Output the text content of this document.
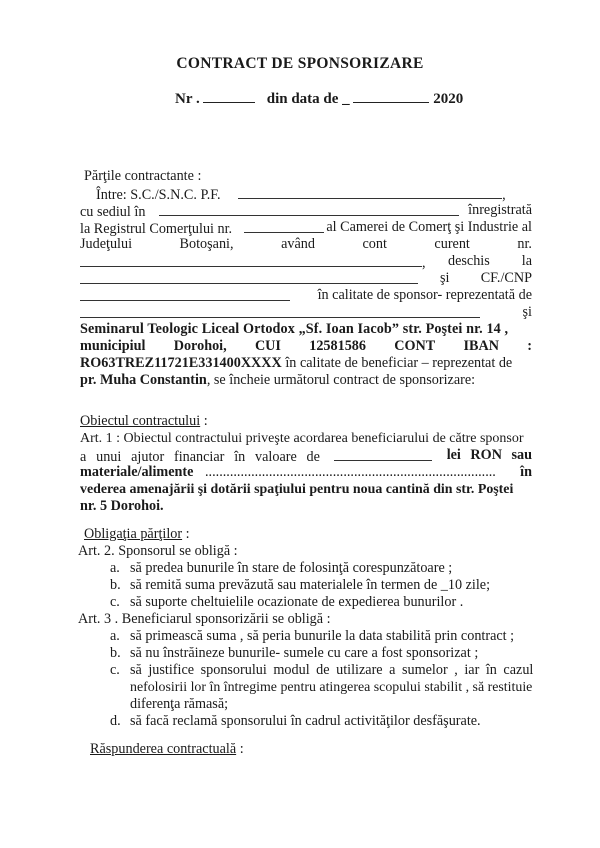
CONTRACT DE SPONSORIZARE
Nr .	din data de _	2020
Părţile contractante :
Între: S.C./S.N.C. P.F.	,
cu sediul în	înregistrată
la Registrul Comerţului nr.	al Camerei de Comerţ şi Industrie al
Judeţului	Botoşani,	având	cont	curent	nr.
, deschis la
şi CF./CNP
în calitate de sponsor- reprezentată de
şi
Seminarul Teologic Liceal Ortodox „Sf. Ioan Iacob” str. Poştei nr. 14 ,
municipiul Dorohoi, CUI 12581586 CONT IBAN :
RO63TREZ11721E331400XXXX în calitate de beneficiar – reprezentat de
pr. Muha Constantin, se încheie următorul contract de sponsorizare:
Obiectul contractului :
Art. 1 : Obiectul contractului priveşte acordarea beneficiarului de către sponsor
a unui ajutor financiar în valoare de
	lei RON sau
materiale/alimente .................................................................................. în
vederea amenajării şi dotării spaţiului pentru noua cantină din str. Poştei
nr. 5 Dorohoi.
Obligaţia părţilor :
Art. 2. Sponsorul se obligă :
a. să predea bunurile în stare de folosinţă corespunzătoare ;
b. să remită suma prevăzută sau materialele în termen de _10 zile;
c. să suporte cheltuielile ocazionate de expedierea bunurilor .
Art. 3 . Beneficiarul sponsorizării se obligă :
a. să primească suma , să peria bunurile la data stabilită prin contract ;
b. să nu înstrăineze bunurile- sumele cu care a fost sponsorizat ;
c. să justifice sponsorului modul de utilizare a sumelor , iar în cazul
nefolosirii lor în întregime pentru atingerea scopului stabilit , să restituie
diferenţa rămasă;
d. să facă reclamă sponsorului în cadrul activităţilor desfăşurate.
Răspunderea contractuală :
